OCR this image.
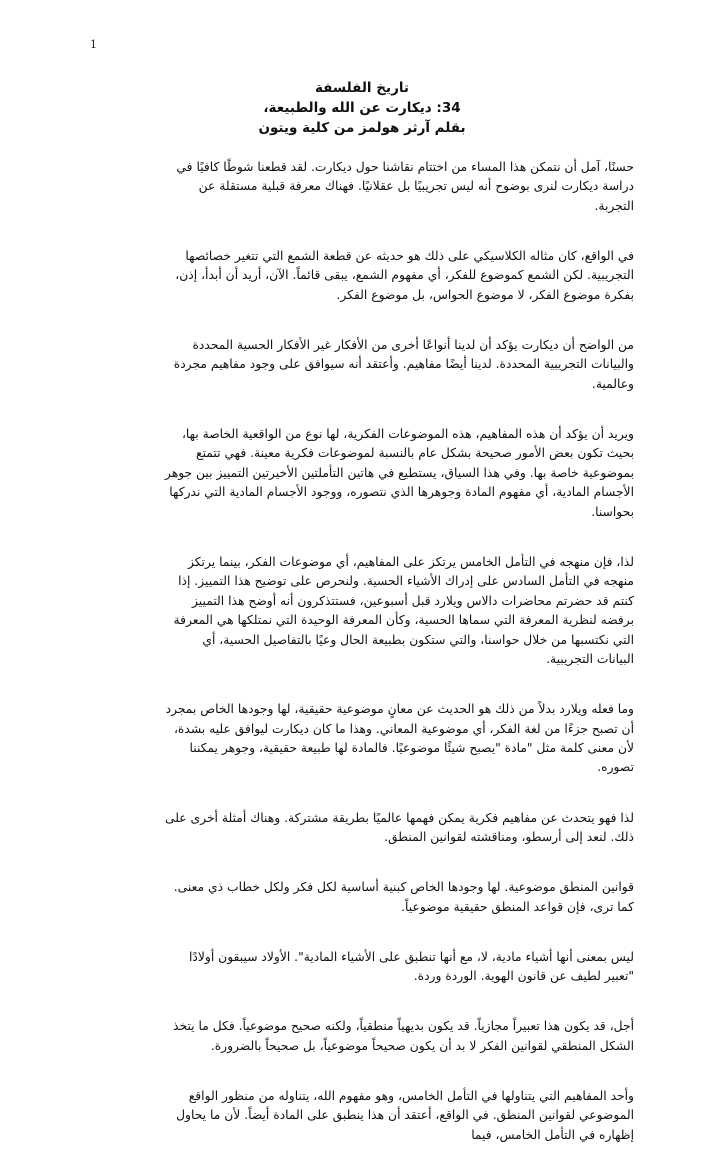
1
تاريخ الفلسفة
34: ديكارت عن الله والطبيعة،
بقلم آرثر هولمز من كلية ويتون

حسنًا، آمل أن نتمكن هذا المساء من اختتام نقاشنا حول ديكارت. لقد قطعنا شوطًا كافيًا في دراسة ديكارت لنرى بوضوح أنه ليس تجريبيًا بل عقلانيًا. فهناك معرفة قبلية مستقلة عن التجربة.

في الواقع، كان مثاله الكلاسيكي على ذلك هو حديثه عن قطعة الشمع التي تتغير خصائصها التجريبية. لكن الشمع كموضوع للفكر، أي مفهوم الشمع، يبقى قائماً. الآن، أريد أن أبدأ، إذن، بفكرة موضوع الفكر، لا موضوع الحواس، بل موضوع الفكر.

من الواضح أن ديكارت يؤكد أن لدينا أنواعًا أخرى من الأفكار غير الأفكار الحسية المحددة والبيانات التجريبية المحددة. لدينا أيضًا مفاهيم. وأعتقد أنه سيوافق على وجود مفاهيم مجردة وعالمية.

ويريد أن يؤكد أن هذه المفاهيم، هذه الموضوعات الفكرية، لها نوع من الواقعية الخاصة بها، بحيث تكون بعض الأمور صحيحة بشكل عام بالنسبة لموضوعات فكرية معينة. فهي تتمتع بموضوعية خاصة بها. وفي هذا السياق، يستطيع في هاتين التأملتين الأخيرتين التمييز بين جوهر الأجسام المادية، أي مفهوم المادة وجوهرها الذي نتصوره، ووجود الأجسام المادية التي ندركها بحواسنا.

لذا، فإن منهجه في التأمل الخامس يرتكز على المفاهيم، أي موضوعات الفكر، بينما يرتكز منهجه في التأمل السادس على إدراك الأشياء الحسية. ولنحرص على توضيح هذا التمييز. إذا كنتم قد حضرتم محاضرات دالاس ويلارد قبل أسبوعين، فستتذكرون أنه أوضح هذا التمييز برفضه لنظرية المعرفة التي سماها الحسية، وكأن المعرفة الوحيدة التي نمتلكها هي المعرفة التي نكتسبها من خلال حواسنا، والتي ستكون بطبيعة الحال وعيًا بالتفاصيل الحسية، أي البيانات التجريبية.

وما فعله ويلارد بدلاً من ذلك هو الحديث عن معانٍ موضوعية حقيقية، لها وجودها الخاص بمجرد أن تصبح جزءًا من لغة الفكر، أي موضوعية المعاني. وهذا ما كان ديكارت ليوافق عليه بشدة، لأن معنى كلمة مثل "مادة "يصبح شيئًا موضوعيًا. فالمادة لها طبيعة حقيقية، وجوهر يمكننا تصوره.

لذا فهو يتحدث عن مفاهيم فكرية يمكن فهمها عالميًا بطريقة مشتركة. وهناك أمثلة أخرى على ذلك. لنعد إلى أرسطو، ومناقشته لقوانين المنطق.

قوانين المنطق موضوعية. لها وجودها الخاص كبنية أساسية لكل فكر ولكل خطاب ذي معنى. كما ترى، فإن قواعد المنطق حقيقية موضوعياً.

ليس بمعنى أنها أشياء مادية، لا، مع أنها تنطبق على الأشياء المادية". الأولاد سيبقون أولادًا "تعبير لطيف عن قانون الهوية. الوردة وردة.

أجل، قد يكون هذا تعبيراً مجازياً. قد يكون بديهياً منطقياً، ولكنه صحيح موضوعياً. فكل ما يتخذ الشكل المنطقي لقوانين الفكر لا بد أن يكون صحيحاً موضوعياً، بل صحيحاً بالضرورة.

وأحد المفاهيم التي يتناولها في التأمل الخامس، وهو مفهوم الله، يتناوله من منظور الواقع الموضوعي لقوانين المنطق. في الواقع، أعتقد أن هذا ينطبق على المادة أيضاً. لأن ما يحاول إظهاره في التأمل الخامس، فيما
